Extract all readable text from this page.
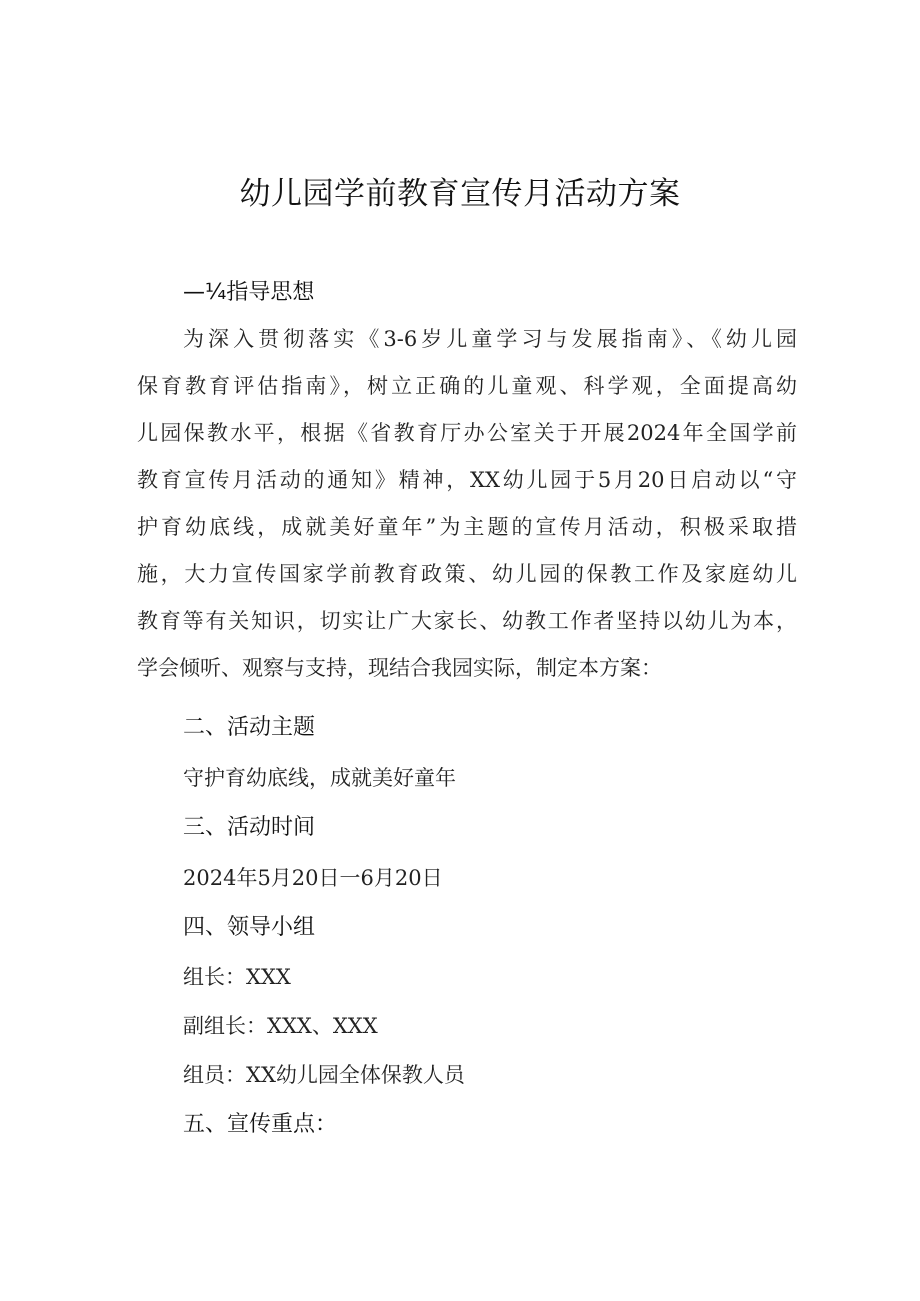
幼儿园学前教育宣传月活动方案
—¼指导思想
为深入贯彻落实《3-6岁儿童学习与发展指南》、《幼儿园
保育教育评估指南》，树立正确的儿童观、科学观，全面提高幼
儿园保教水平，根据《省教育厅办公室关于开展2024年全国学前
教育宣传月活动的通知》精神，XX幼儿园于5月20日启动以“守
护育幼底线，成就美好童年”为主题的宣传月活动，积极采取措
施，大力宣传国家学前教育政策、幼儿园的保教工作及家庭幼儿
教育等有关知识，切实让广大家长、幼教工作者坚持以幼儿为本，
学会倾听、观察与支持，现结合我园实际，制定本方案：
二、活动主题
守护育幼底线，成就美好童年
三、活动时间
2024年5月20日一6月20日
四、领导小组
组长：XXX
副组长：XXX、XXX
组员：XX幼儿园全体保教人员
五、宣传重点：
